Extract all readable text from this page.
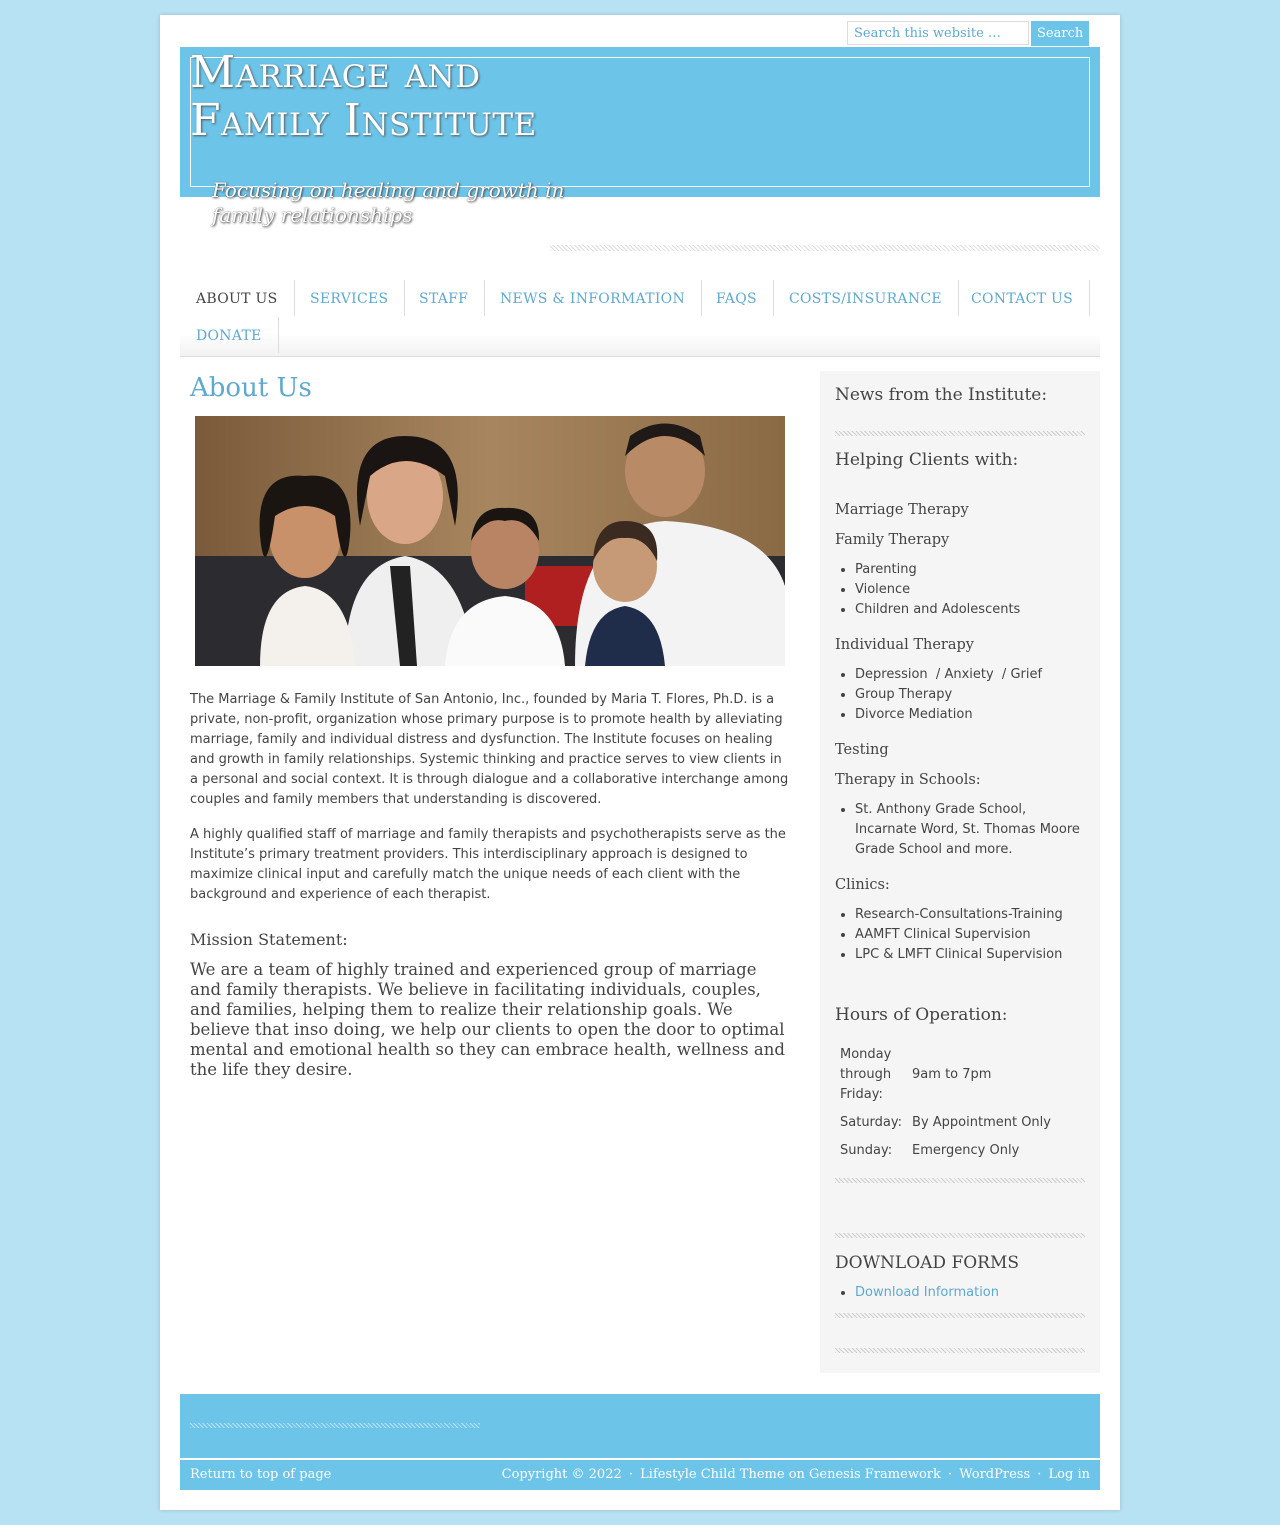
Search this website …
Search
Marriage and
Family Institute
Focusing on healing and growth in family relationships
ABOUT US	SERVICES	STAFF	NEWS & INFORMATION	FAQS	COSTS/INSURANCE	CONTACT US
DONATE
About Us

The Marriage & Family Institute of San Antonio, Inc., founded by Maria T. Flores, Ph.D. is a private, non-profit, organization whose primary purpose is to promote health by alleviating marriage, family and individual distress and dysfunction. The Institute focuses on healing and growth in family relationships. Systemic thinking and practice serves to view clients in a personal and social context. It is through dialogue and a collaborative interchange among couples and family members that understanding is discovered.

A highly qualified staff of marriage and family therapists and psychotherapists serve as the Institute’s primary treatment providers. This interdisciplinary approach is designed to maximize clinical input and carefully match the unique needs of each client with the background and experience of each therapist.

Mission Statement:

We are a team of highly trained and experienced group of marriage and family therapists. We believe in facilitating individuals, couples, and families, helping them to realize their relationship goals. We believe that inso doing, we help our clients to open the door to optimal mental and emotional health so they can embrace health, wellness and the life they desire.

News from the Institute:
Helping Clients with:
Marriage Therapy
Family Therapy
• Parenting
• Violence
• Children and Adolescents
Individual Therapy
• Depression  / Anxiety  / Grief
• Group Therapy
• Divorce Mediation
Testing
Therapy in Schools:
• St. Anthony Grade School, Incarnate Word, St. Thomas Moore Grade School and more.
Clinics:
• Research-Consultations-Training
• AAMFT Clinical Supervision
• LPC & LMFT Clinical Supervision
Hours of Operation:
Monday through Friday:	9am to 7pm
Saturday:	By Appointment Only
Sunday:	Emergency Only
DOWNLOAD FORMS
• Download Information
Return to top of page	Copyright © 2022 · Lifestyle Child Theme on Genesis Framework · WordPress · Log in
